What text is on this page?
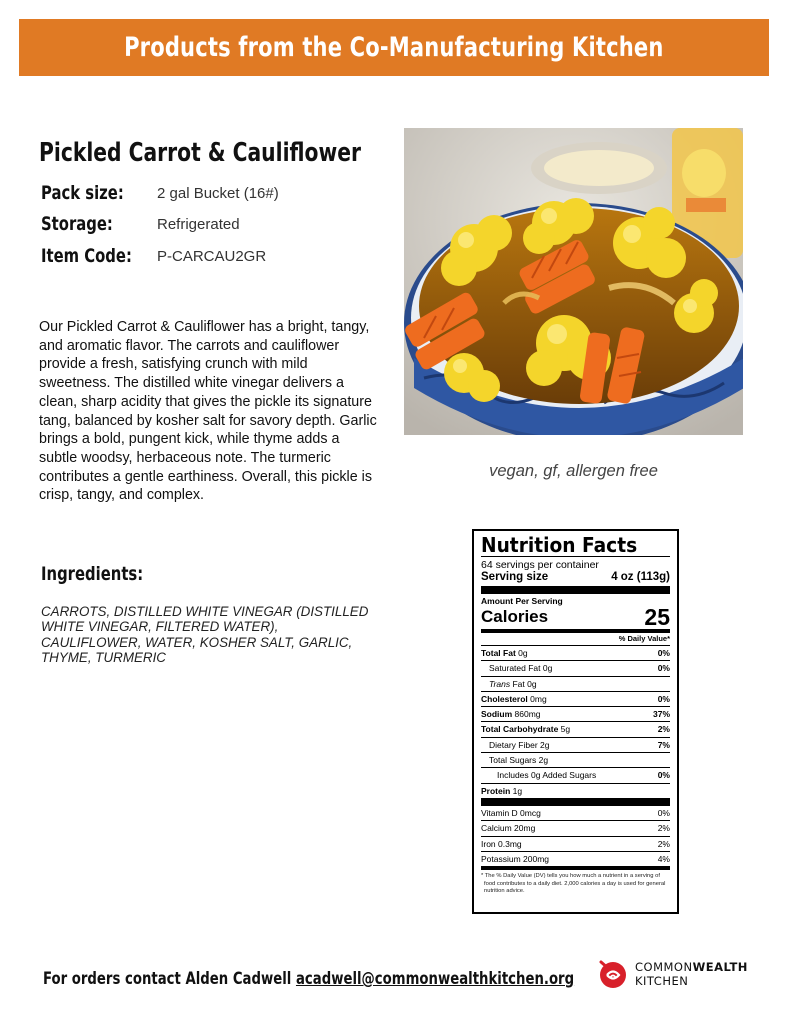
Products from the Co-Manufacturing Kitchen
Pickled Carrot & Cauliflower
Pack size:	2 gal Bucket (16#)
Storage:	Refrigerated
Item Code: P-CARCAU2GR
Our Pickled Carrot & Cauliflower has a bright, tangy, and aromatic flavor. The carrots and cauliflower provide a fresh, satisfying crunch with mild sweetness. The distilled white vinegar delivers a clean, sharp acidity that gives the pickle its signature tang, balanced by kosher salt for savory depth. Garlic brings a bold, pungent kick, while thyme adds a subtle woodsy, herbaceous note. The turmeric contributes a gentle earthiness. Overall, this pickle is crisp, tangy, and complex.
Ingredients:
CARROTS, DISTILLED WHITE VINEGAR (DISTILLED WHITE VINEGAR, FILTERED WATER), CAULIFLOWER, WATER, KOSHER SALT, GARLIC, THYME, TURMERIC
vegan, gf, allergen free
Nutrition Facts
64 servings per container
Serving size	4 oz (113g)
Amount Per Serving
Calories	25
% Daily Value*
Total Fat 0g	0%
Saturated Fat 0g	0%
Trans Fat 0g
Cholesterol 0mg	0%
Sodium 860mg	37%
Total Carbohydrate 5g	2%
Dietary Fiber 2g	7%
Total Sugars 2g
Includes 0g Added Sugars	0%
Protein 1g
Vitamin D 0mcg	0%
Calcium 20mg	2%
Iron 0.3mg	2%
Potassium 200mg	4%
* The % Daily Value (DV) tells you how much a nutrient in a serving of food contributes to a daily diet. 2,000 calories a day is used for general nutrition advice.
For orders contact Alden Cadwell acadwell@commonwealthkitchen.org
COMMONWEALTH
KITCHEN
